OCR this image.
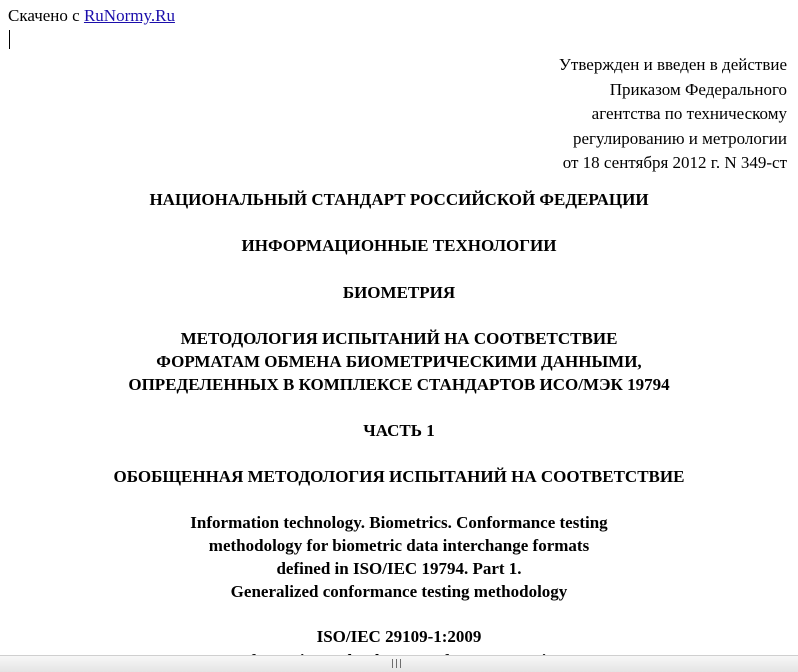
Скачено с RuNormy.Ru
Утвержден и введен в действие
Приказом Федерального
агентства по техническому
регулированию и метрологии
от 18 сентября 2012 г. N 349-ст
НАЦИОНАЛЬНЫЙ СТАНДАРТ РОССИЙСКОЙ ФЕДЕРАЦИИ
ИНФОРМАЦИОННЫЕ ТЕХНОЛОГИИ
БИОМЕТРИЯ
МЕТОДОЛОГИЯ ИСПЫТАНИЙ НА СООТВЕТСТВИЕ
ФОРМАТАМ ОБМЕНА БИОМЕТРИЧЕСКИМИ ДАННЫМИ,
ОПРЕДЕЛЕННЫХ В КОМПЛЕКСЕ СТАНДАРТОВ ИСО/МЭК 19794
ЧАСТЬ 1
ОБОБЩЕННАЯ МЕТОДОЛОГИЯ ИСПЫТАНИЙ НА СООТВЕТСТВИЕ
Information technology. Biometrics. Conformance testing
methodology for biometric data interchange formats
defined in ISO/IEC 19794. Part 1.
Generalized conformance testing methodology
ISO/IEC 29109-1:2009
